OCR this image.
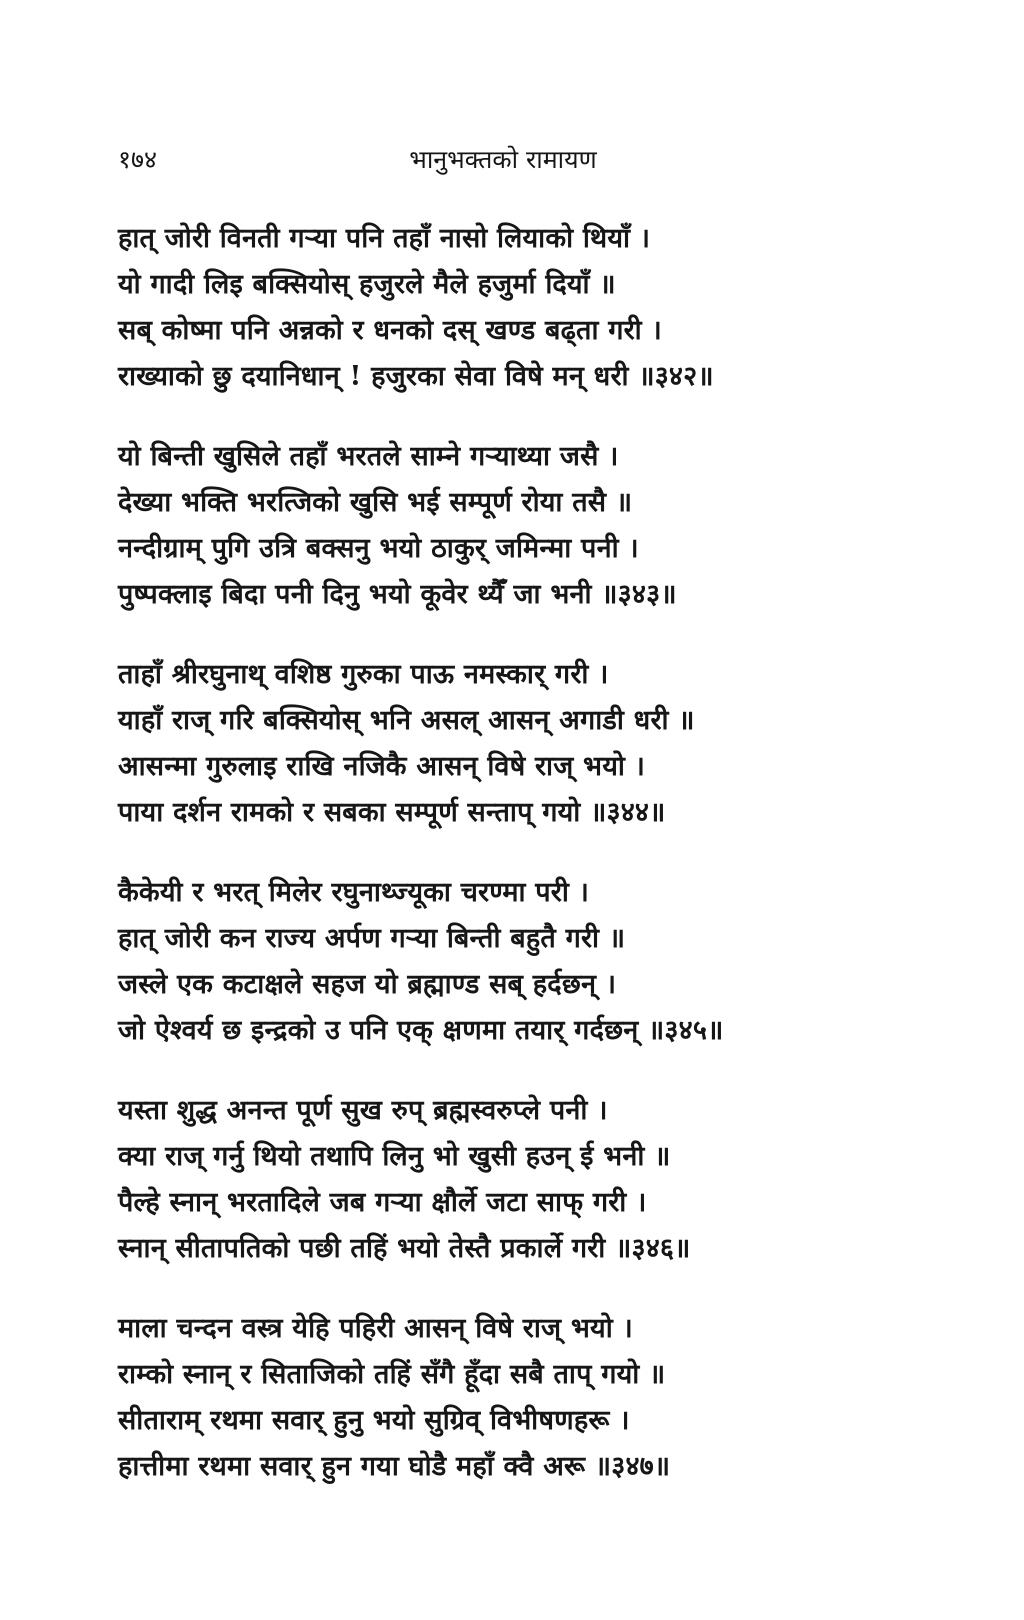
१७४	भानुभक्तको रामायण
हात् जोरी विनती गऱ्या पनि तहाँ नासो लियाको थियाँ ।
यो गादी लिइ बक्सियोस् हजुरले मैले हजुर्मा दियाँ ॥
सब् कोष्मा पनि अन्नको र धनको दस् खण्ड बढ्ता गरी ।
राख्याको छु दयानिधान् ! हजुरका सेवा विषे मन् धरी ॥३४२॥
यो बिन्ती खुसिले तहाँ भरतले साम्ने गऱ्याथ्या जसै ।
देख्या भक्ति भरत्जिको खुसि भई सम्पूर्ण रोया तसै ॥
नन्दीग्राम् पुगि उत्रि बक्सनु भयो ठाकुर् जमिन्मा पनी ।
पुष्पक्लाइ बिदा पनी दिनु भयो कूवेर थ्यैँ जा भनी ॥३४३॥
ताहाँ श्रीरघुनाथ् वशिष्ठ गुरुका पाऊ नमस्कार् गरी ।
याहाँ राज् गरि बक्सियोस् भनि असल् आसन् अगाडी धरी ॥
आसन्मा गुरुलाइ राखि नजिकै आसन् विषे राज् भयो ।
पाया दर्शन रामको र सबका सम्पूर्ण सन्ताप् गयो ॥३४४॥
कैकेयी र भरत् मिलेर रघुनाथ्ज्यूका चरण्मा परी ।
हात् जोरी कन राज्य अर्पण गऱ्या बिन्ती बहुतै गरी ॥
जस्ले एक कटाक्षले सहज यो ब्रह्माण्ड सब् हर्दछन् ।
जो ऐश्वर्य छ इन्द्रको उ पनि एक् क्षणमा तयार् गर्दछन् ॥३४५॥
यस्ता शुद्ध अनन्त पूर्ण सुख रुप् ब्रह्मस्वरुप्ले पनी ।
क्या राज् गर्नु थियो तथापि लिनु भो खुसी हउन् ई भनी ॥
पैल्हे स्नान् भरतादिले जब गऱ्या क्षौर्ले जटा साफ् गरी ।
स्नान् सीतापतिको पछी तहिं भयो तेस्तै प्रकार्ले गरी ॥३४६॥
माला चन्दन वस्त्र येहि पहिरी आसन् विषे राज् भयो ।
राम्को स्नान् र सिताजिको तहिं सँगै हूँदा सबै ताप् गयो ॥
सीताराम् रथमा सवार् हुनु भयो सुग्रिव् विभीषणहरू ।
हात्तीमा रथमा सवार् हुन गया घोडै महाँ क्वै अरू ॥३४७॥
